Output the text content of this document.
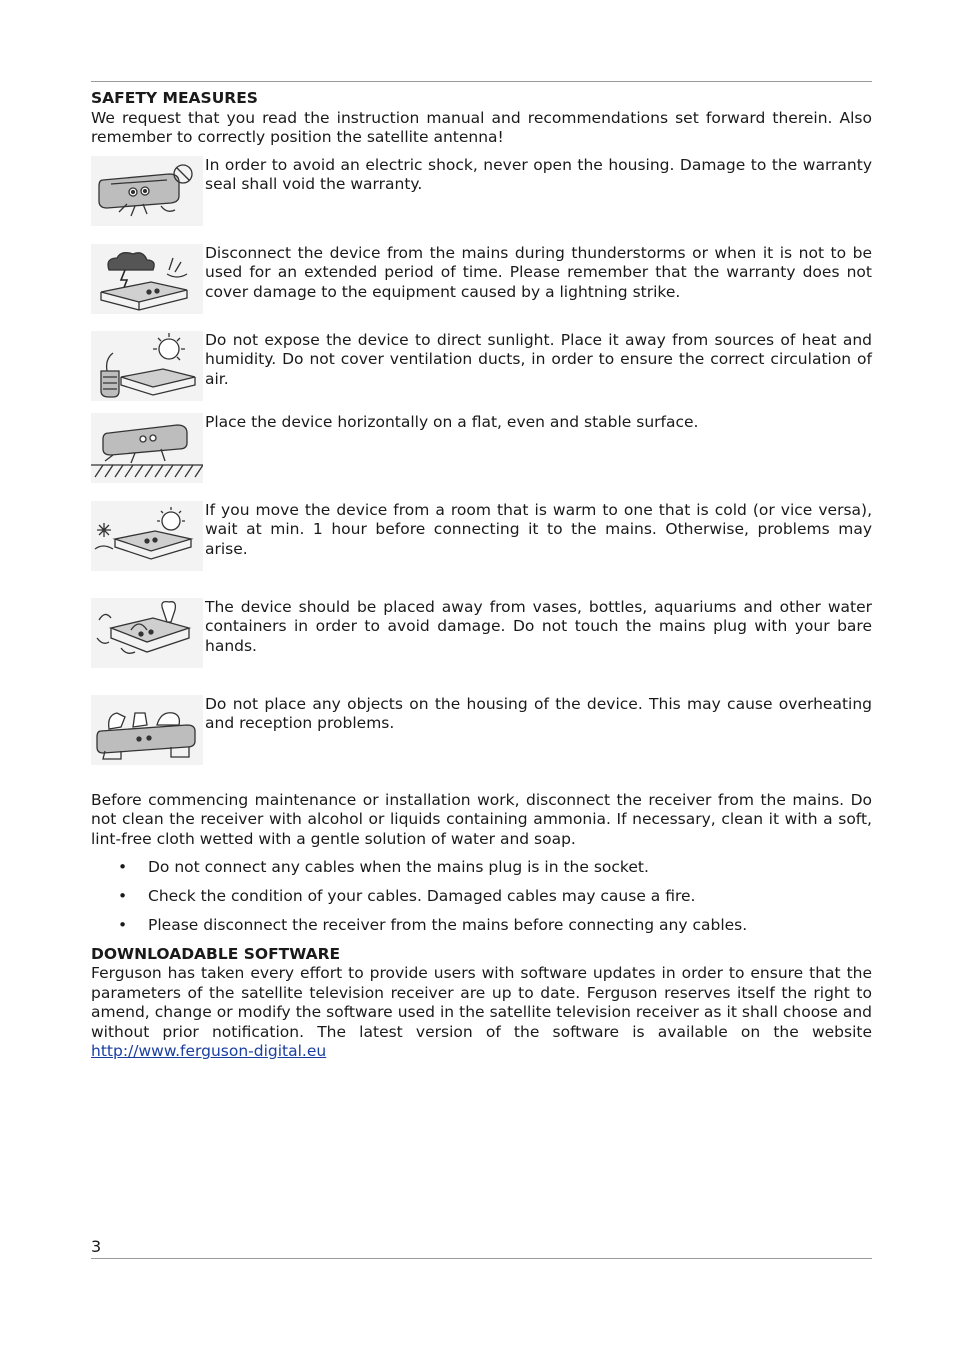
SAFETY MEASURES

We request that you read the instruction manual and recommendations set forward therein. Also remember to correctly position the satellite antenna!

In order to avoid an electric shock, never open the housing. Damage to the warranty seal shall void the warranty.
Disconnect the device from the mains during thunderstorms or when it is not to be used for an extended period of time. Please remember that the warranty does not cover damage to the equipment caused by a lightning strike.
Do not expose the device to direct sunlight. Place it away from sources of heat and humidity. Do not cover ventilation ducts, in order to ensure the correct circulation of air.
Place the device horizontally on a flat, even and stable surface.
If you move the device from a room that is warm to one that is cold (or vice versa), wait at min. 1 hour before connecting it to the mains. Otherwise, problems may arise.
The device should be placed away from vases, bottles, aquariums and other water containers in order to avoid damage. Do not touch the mains plug with your bare hands.
Do not place any objects on the housing of the device. This may cause overheating and reception problems.

Before commencing maintenance or installation work, disconnect the receiver from the mains. Do not clean the receiver with alcohol or liquids containing ammonia. If necessary, clean it with a soft, lint-free cloth wetted with a gentle solution of water and soap.

• Do not connect any cables when the mains plug is in the socket.
• Check the condition of your cables. Damaged cables may cause a fire.
• Please disconnect the receiver from the mains before connecting any cables.
DOWNLOADABLE SOFTWARE

Ferguson has taken every effort to provide users with software updates in order to ensure that the parameters of the satellite television receiver are up to date. Ferguson reserves itself the right to amend, change or modify the software used in the satellite television receiver as it shall choose and without prior notification. The latest version of the software is available on the website http://www.ferguson-digital.eu

3
